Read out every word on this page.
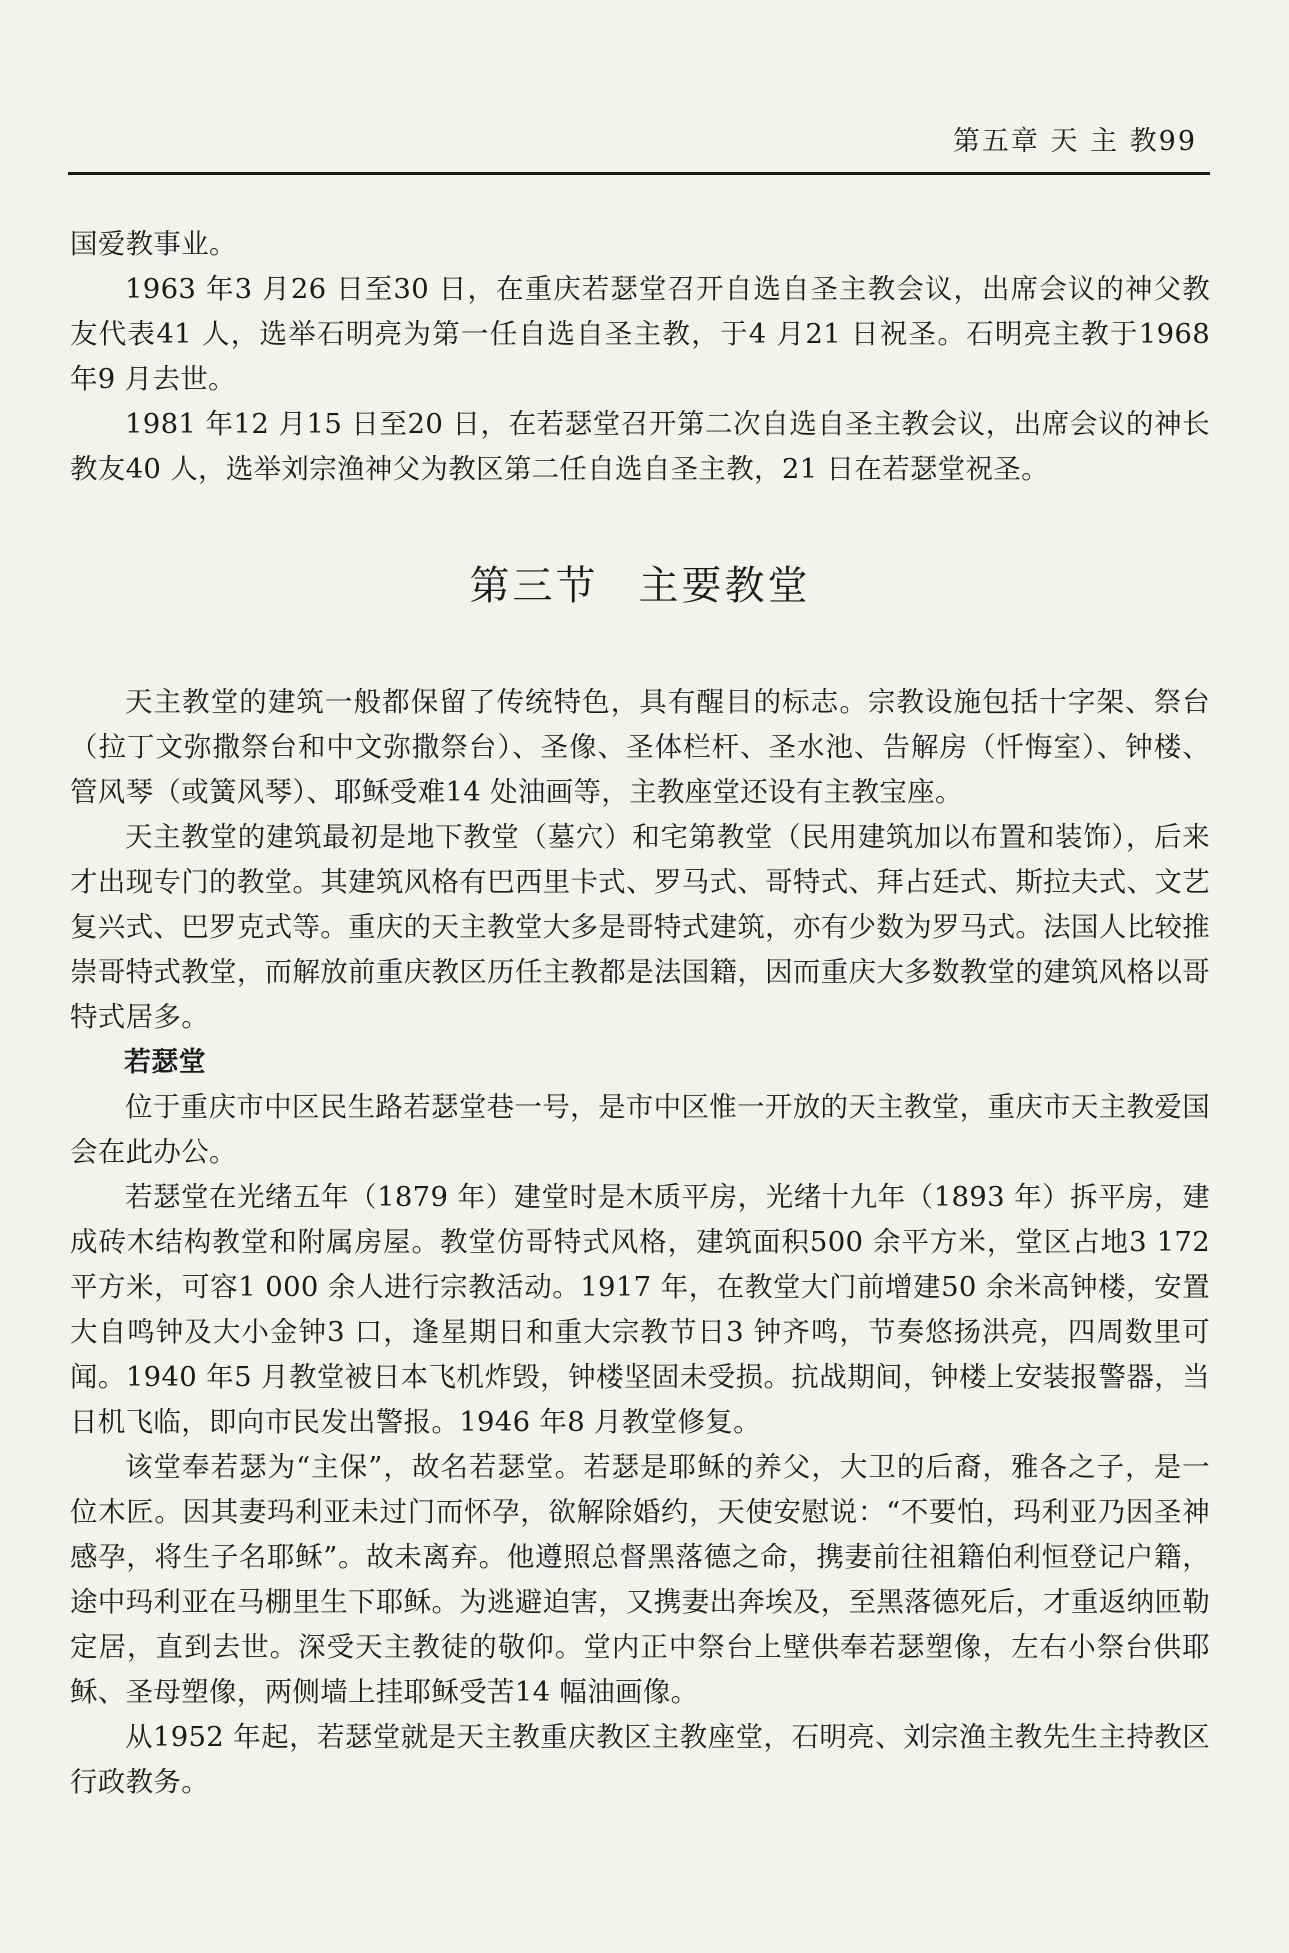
第五章 天 主 教99

国爱教事业。

1963 年3 月26 日至30 日，在重庆若瑟堂召开自选自圣主教会议，出席会议的神父教友代表41 人，选举石明亮为第一任自选自圣主教，于4 月21 日祝圣。石明亮主教于1968 年9 月去世。

1981 年12 月15 日至20 日，在若瑟堂召开第二次自选自圣主教会议，出席会议的神长教友40 人，选举刘宗渔神父为教区第二任自选自圣主教，21 日在若瑟堂祝圣。

第三节 主要教堂

天主教堂的建筑一般都保留了传统特色，具有醒目的标志。宗教设施包括十字架、祭台（拉丁文弥撒祭台和中文弥撒祭台）、圣像、圣体栏杆、圣水池、告解房（忏悔室）、钟楼、管风琴（或簧风琴）、耶稣受难14 处油画等，主教座堂还设有主教宝座。

天主教堂的建筑最初是地下教堂（墓穴）和宅第教堂（民用建筑加以布置和装饰），后来才出现专门的教堂。其建筑风格有巴西里卡式、罗马式、哥特式、拜占廷式、斯拉夫式、文艺复兴式、巴罗克式等。重庆的天主教堂大多是哥特式建筑，亦有少数为罗马式。法国人比较推崇哥特式教堂，而解放前重庆教区历任主教都是法国籍，因而重庆大多数教堂的建筑风格以哥特式居多。

若瑟堂

位于重庆市中区民生路若瑟堂巷一号，是市中区惟一开放的天主教堂，重庆市天主教爱国会在此办公。

若瑟堂在光绪五年（1879 年）建堂时是木质平房，光绪十九年（1893 年）拆平房，建成砖木结构教堂和附属房屋。教堂仿哥特式风格，建筑面积500 余平方米，堂区占地3 172平方米，可容1 000 余人进行宗教活动。1917 年，在教堂大门前增建50 余米高钟楼，安置大自鸣钟及大小金钟3 口，逢星期日和重大宗教节日3 钟齐鸣，节奏悠扬洪亮，四周数里可闻。1940 年5 月教堂被日本飞机炸毁，钟楼坚固未受损。抗战期间，钟楼上安装报警器，当日机飞临，即向市民发出警报。1946 年8 月教堂修复。

该堂奉若瑟为“主保”，故名若瑟堂。若瑟是耶稣的养父，大卫的后裔，雅各之子，是一位木匠。因其妻玛利亚未过门而怀孕，欲解除婚约，天使安慰说：“不要怕，玛利亚乃因圣神感孕，将生子名耶稣”。故未离弃。他遵照总督黑落德之命，携妻前往祖籍伯利恒登记户籍，途中玛利亚在马棚里生下耶稣。为逃避迫害，又携妻出奔埃及，至黑落德死后，才重返纳匝勒定居，直到去世。深受天主教徒的敬仰。堂内正中祭台上壁供奉若瑟塑像，左右小祭台供耶稣、圣母塑像，两侧墙上挂耶稣受苦14 幅油画像。

从1952 年起，若瑟堂就是天主教重庆教区主教座堂，石明亮、刘宗渔主教先生主持教区行政教务。
